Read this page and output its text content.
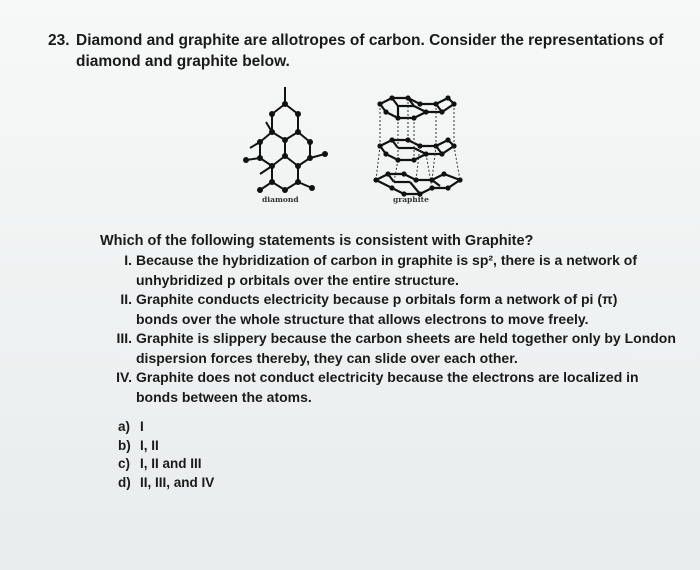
23. Diamond and graphite are allotropes of carbon. Consider the representations of
diamond and graphite below.
diamond	graphite
Which of the following statements is consistent with Graphite?
I. Because the hybridization of carbon in graphite is sp², there is a network of
unhybridized p orbitals over the entire structure.
II. Graphite conducts electricity because p orbitals form a network of pi (π)
bonds over the whole structure that allows electrons to move freely.
III. Graphite is slippery because the carbon sheets are held together only by London
dispersion forces thereby, they can slide over each other.
IV. Graphite does not conduct electricity because the electrons are localized in
bonds between the atoms.
a) I
b) I, II
c) I, II and III
d) II, III, and IV
